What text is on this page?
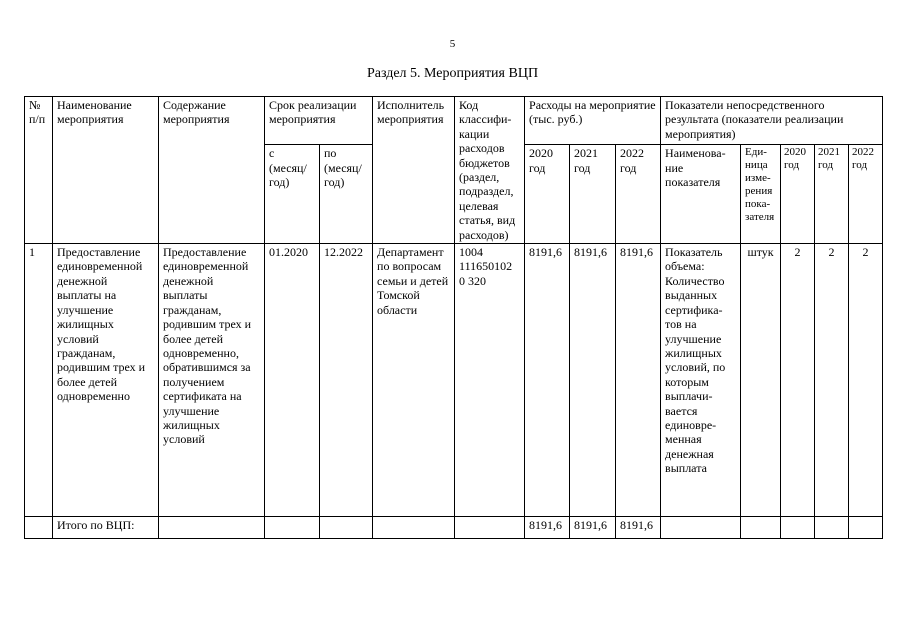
5
Раздел 5. Мероприятия ВЦП
№ п/п	Наименование мероприятия	Содержание мероприятия	Срок реализации мероприятия		Исполнитель мероприятия	Код классифи-кации расходов бюджетов (раздел, подраздел, целевая статья, вид расходов)	Расходы на мероприятие (тыс. руб.)			Показатели непосредственного результата (показатели реализации мероприятия)				
			с (месяц/ год)	по (месяц/ год)			2020 год	2021 год	2022 год	Наименова-ние показателя	Еди-ница изме-рения пока-зателя	2020 год	2021 год	2022 год
1	Предоставление единовременной денежной выплаты на улучшение жилищных условий гражданам, родившим трех и более детей одновременно	Предоставление единовременной денежной выплаты гражданам, родившим трех и более детей одновременно, обратившимся за получением сертификата на улучшение жилищных условий	01.2020	12.2022	Департамент по вопросам семьи и детей Томской области	1004 111650102 0 320	8191,6	8191,6	8191,6	Показатель объема: Количество выданных сертифика-тов на улучшение жилищных условий, по которым выплачи-вается единовре-менная денежная выплата	штук	2	2	2
	Итого по ВЦП:						8191,6	8191,6	8191,6					
